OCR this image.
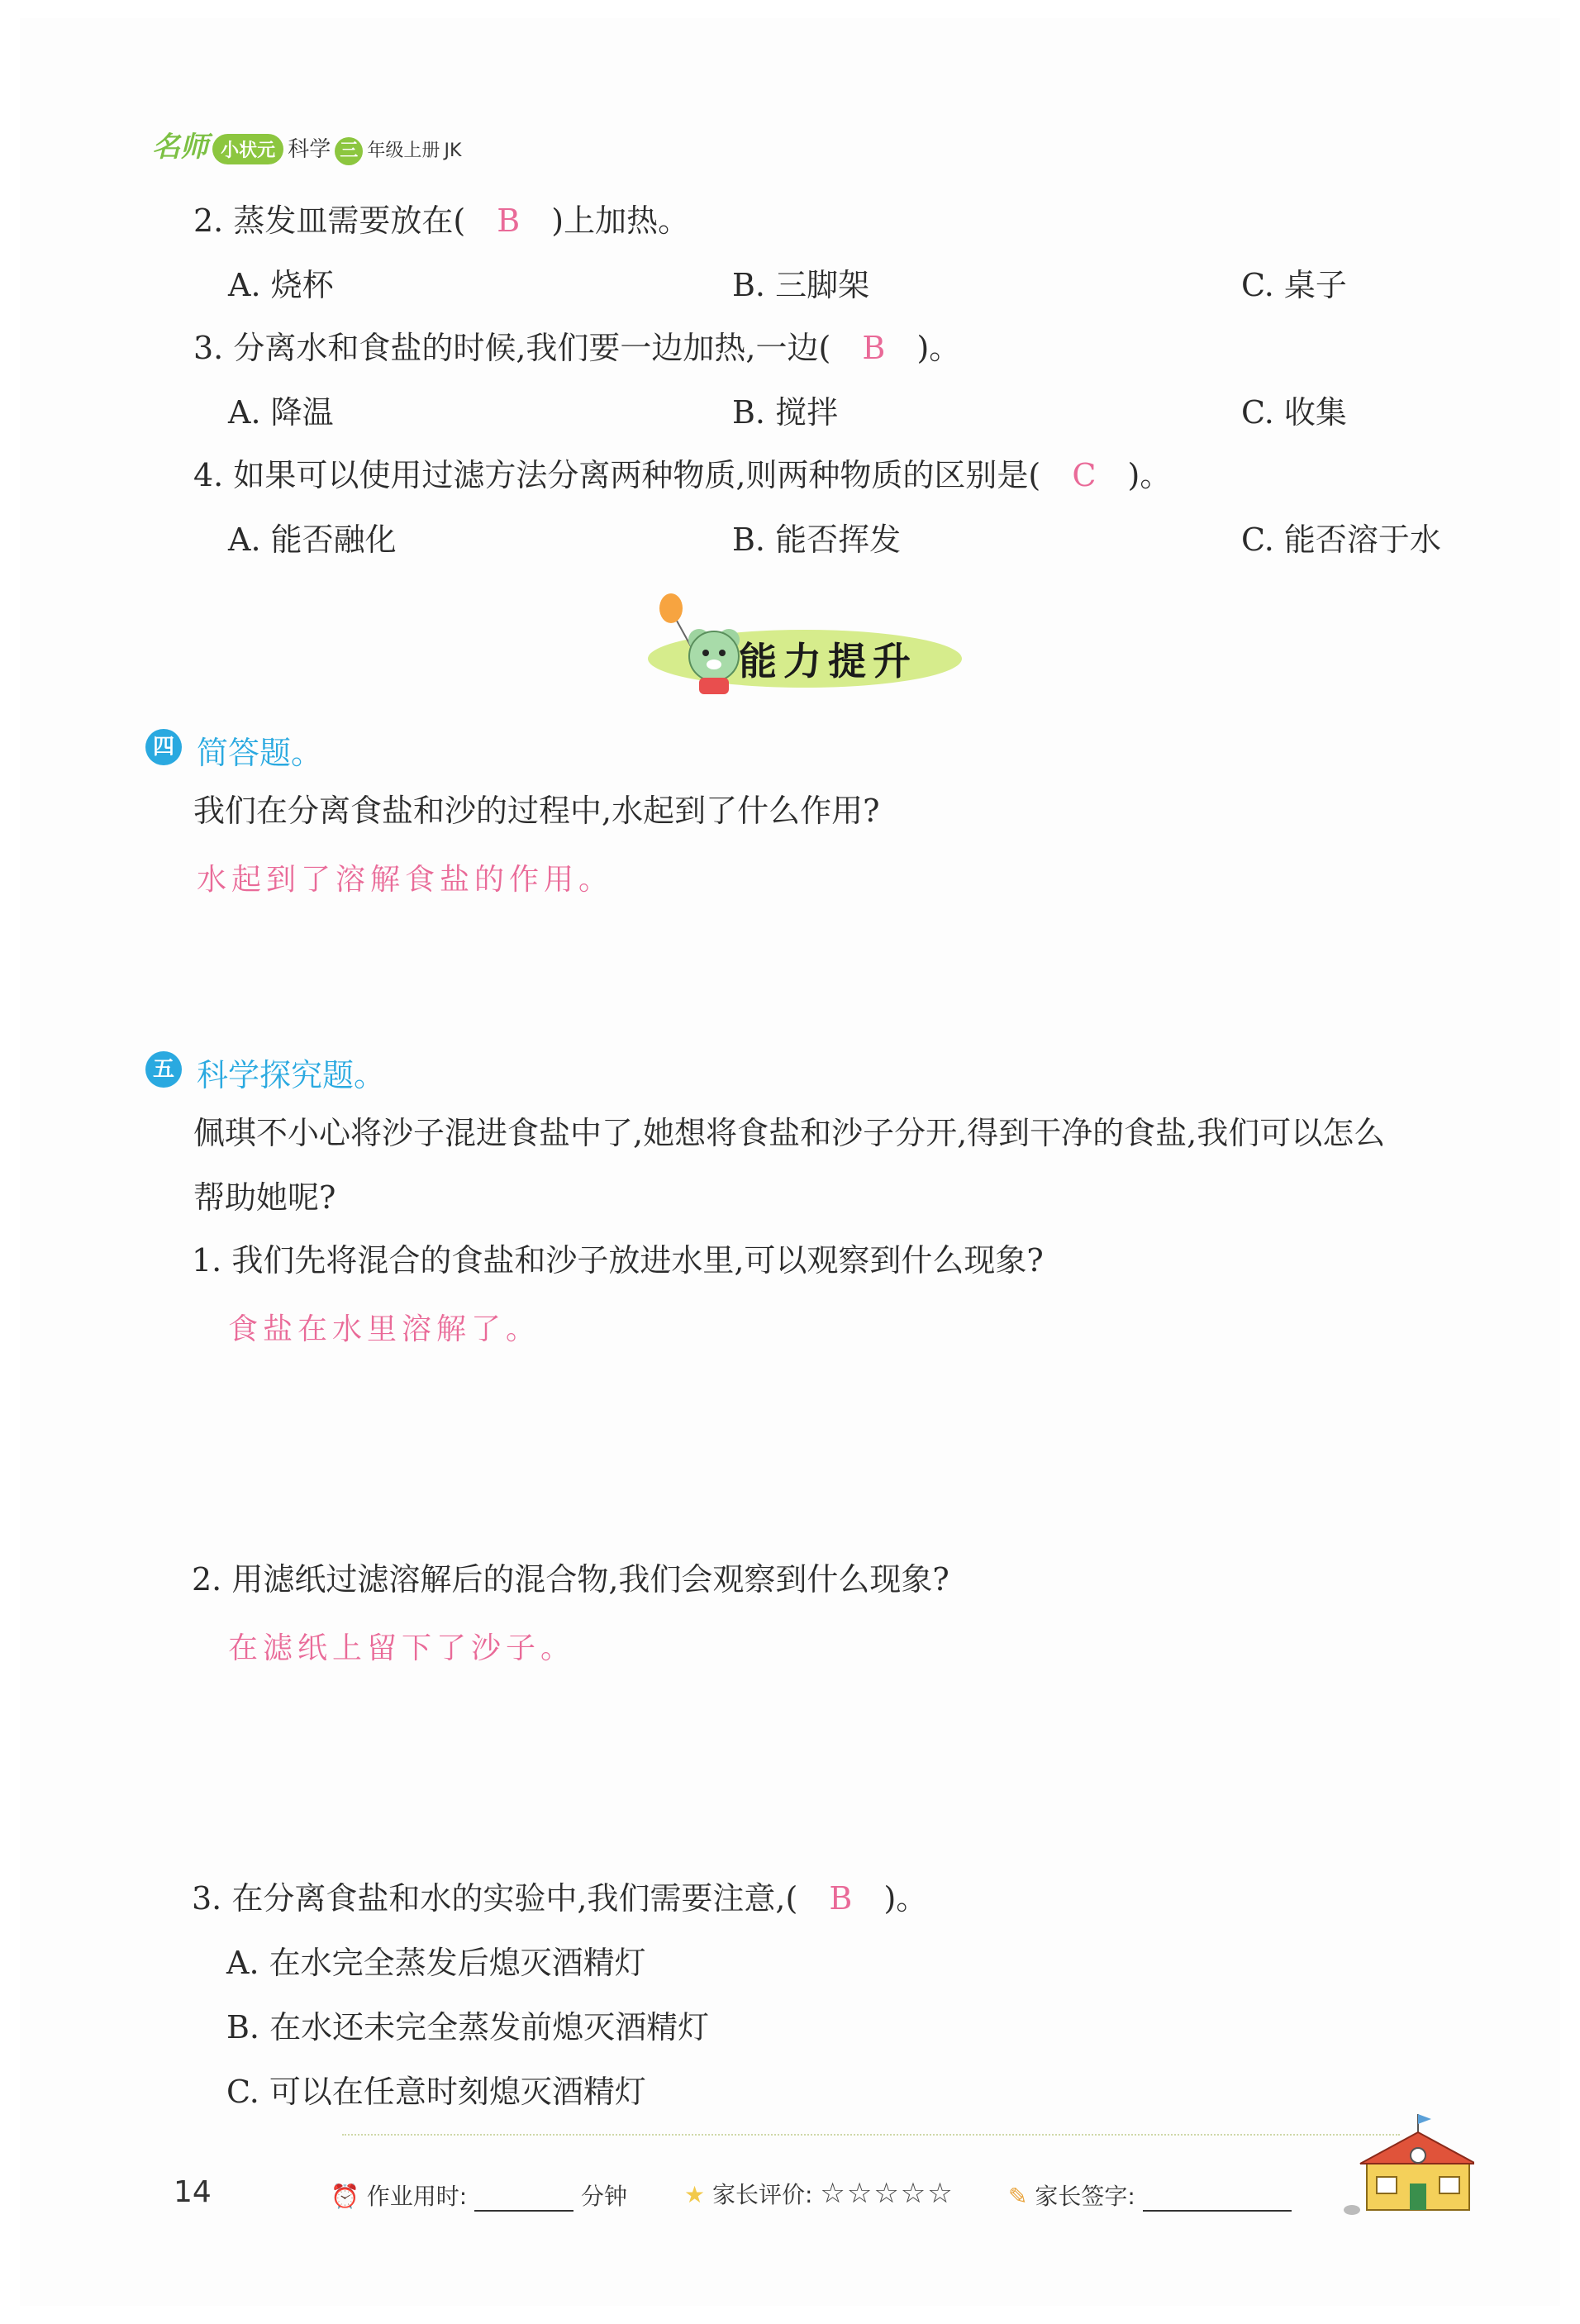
名师 小状元 科学 三 年级上册 JK
2. 蒸发皿需要放在( B )上加热。
A. 烧杯	B. 三脚架	C. 桌子
3. 分离水和食盐的时候,我们要一边加热,一边( B )。
A. 降温	B. 搅拌	C. 收集
4. 如果可以使用过滤方法分离两种物质,则两种物质的区别是( C )。
A. 能否融化	B. 能否挥发	C. 能否溶于水
能力提升
四 简答题。
我们在分离食盐和沙的过程中,水起到了什么作用?
水起到了溶解食盐的作用。
五 科学探究题。
佩琪不小心将沙子混进食盐中了,她想将食盐和沙子分开,得到干净的食盐,我们可以怎么
帮助她呢?
1. 我们先将混合的食盐和沙子放进水里,可以观察到什么现象?
食盐在水里溶解了。
2. 用滤纸过滤溶解后的混合物,我们会观察到什么现象?
在滤纸上留下了沙子。
3. 在分离食盐和水的实验中,我们需要注意,( B )。
A. 在水完全蒸发后熄灭酒精灯
B. 在水还未完全蒸发前熄灭酒精灯
C. 可以在任意时刻熄灭酒精灯
14	⏰ 作业用时:	分钟 ★ 家长评价: ☆☆☆☆☆ ✎ 家长签字:
